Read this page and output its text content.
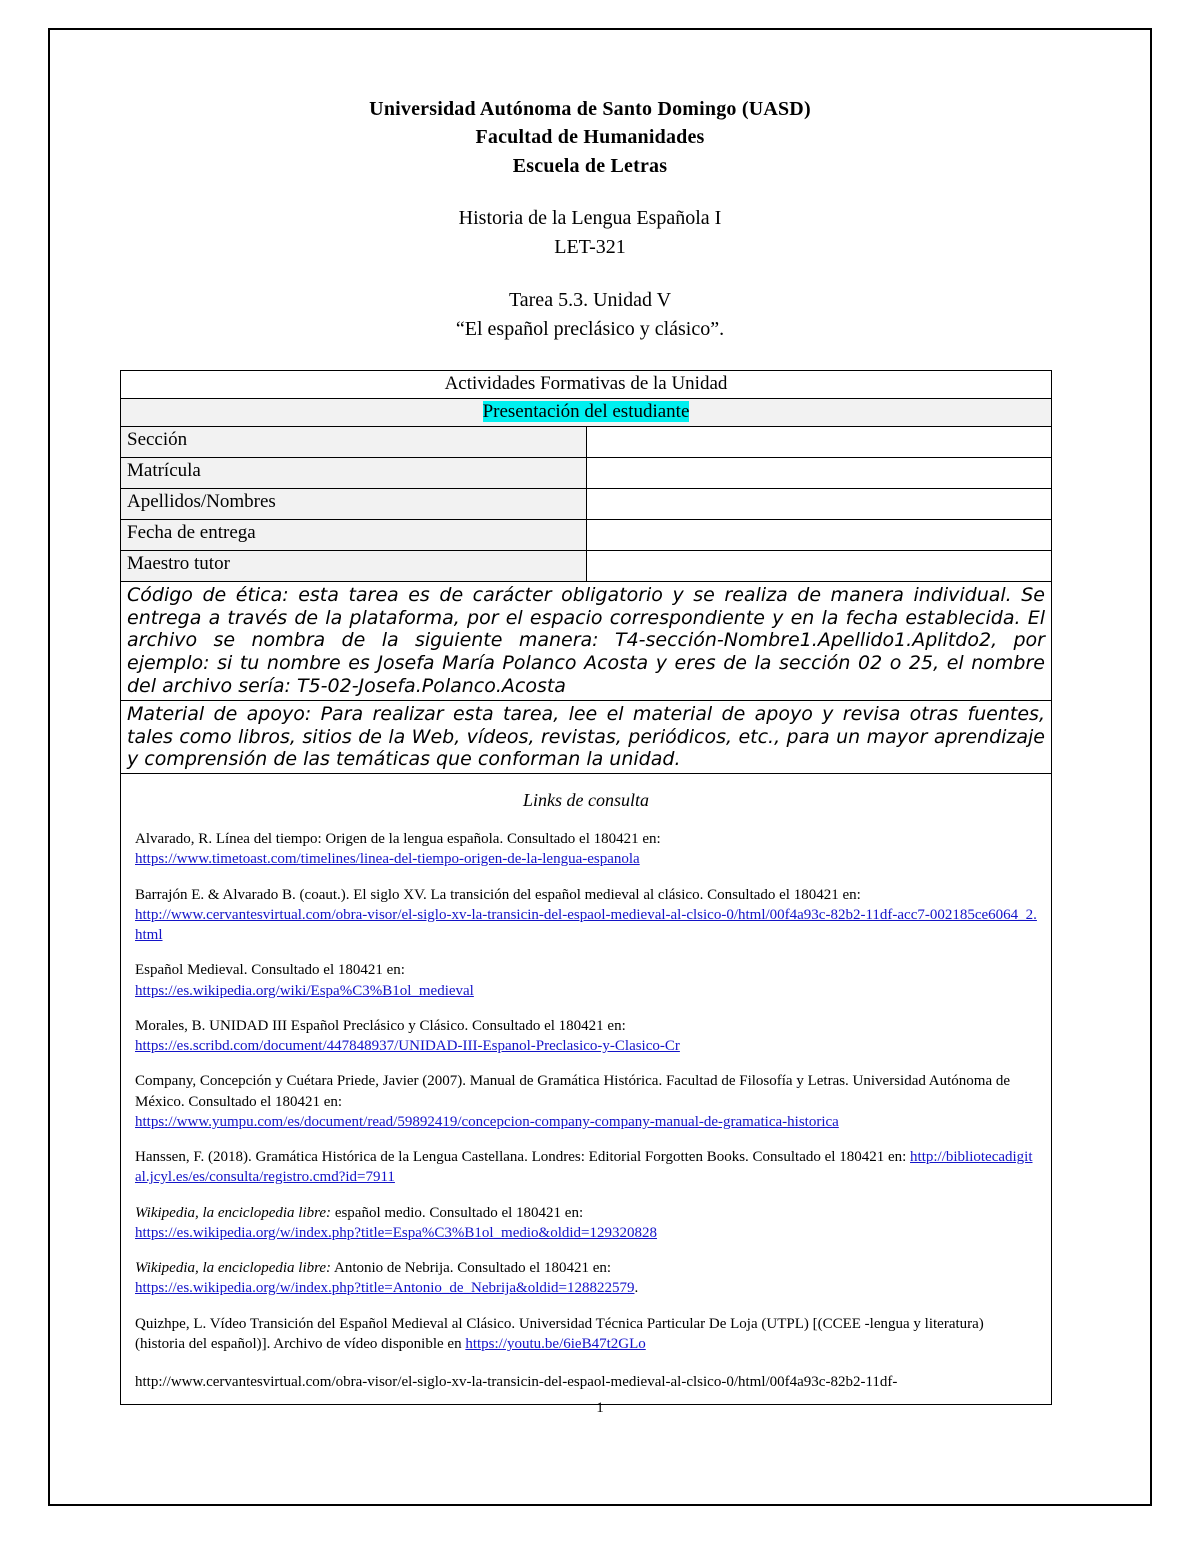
Universidad Autónoma de Santo Domingo (UASD)
Facultad de Humanidades
Escuela de Letras
Historia de la Lengua Española I
LET-321
Tarea 5.3. Unidad V
“El español preclásico y clásico”.
Actividades Formativas de la Unidad	
Presentación del estudiante	
Sección	
Matrícula	
Apellidos/Nombres	
Fecha de entrega	
Maestro tutor	
Código de ética: esta tarea es de carácter obligatorio y se realiza de manera individual. Se entrega a través de la plataforma, por el espacio correspondiente y en la fecha establecida. El archivo se nombra de la siguiente manera: T4-sección-Nombre1.Apellido1.Aplitdo2, por ejemplo: si tu nombre es Josefa María Polanco Acosta y eres de la sección 02 o 25, el nombre del archivo sería: T5-02-Josefa.Polanco.Acosta	
Material de apoyo: Para realizar esta tarea, lee el material de apoyo y revisa otras fuentes, tales como libros, sitios de la Web, vídeos, revistas, periódicos, etc., para un mayor aprendizaje y comprensión de las temáticas que conforman la unidad.	
Links de consulta
Alvarado, R. Línea del tiempo: Origen de la lengua española. Consultado el 180421 en:
https://www.timetoast.com/timelines/linea-del-tiempo-origen-de-la-lengua-espanola
Barrajón E. & Alvarado B. (coaut.). El siglo XV. La transición del español medieval al clásico. Consultado el 180421 en:
http://www.cervantesvirtual.com/obra-visor/el-siglo-xv-la-transicin-del-espaol-medieval-al-clsico-0/html/00f4a93c-82b2-11df-acc7-002185ce6064_2.html
Español Medieval. Consultado el 180421 en:
https://es.wikipedia.org/wiki/Espa%C3%B1ol_medieval
Morales, B. UNIDAD III Español Preclásico y Clásico. Consultado el 180421 en:
https://es.scribd.com/document/447848937/UNIDAD-III-Espanol-Preclasico-y-Clasico-Cr
Company, Concepción y Cuétara Priede, Javier (2007). Manual de Gramática Histórica. Facultad de Filosofía y Letras. Universidad Autónoma de México. Consultado el 180421 en:
https://www.yumpu.com/es/document/read/59892419/concepcion-company-company-manual-de-gramatica-historica
Hanssen, F. (2018). Gramática Histórica de la Lengua Castellana. Londres: Editorial Forgotten Books. Consultado el 180421 en: http://bibliotecadigital.jcyl.es/es/consulta/registro.cmd?id=7911
Wikipedia, la enciclopedia libre: español medio. Consultado el 180421 en:
https://es.wikipedia.org/w/index.php?title=Espa%C3%B1ol_medio&oldid=129320828
Wikipedia, la enciclopedia libre: Antonio de Nebrija. Consultado el 180421 en:
https://es.wikipedia.org/w/index.php?title=Antonio_de_Nebrija&oldid=128822579.
Quizhpe, L. Vídeo Transición del Español Medieval al Clásico. Universidad Técnica Particular De Loja (UTPL) [(CCEE -lengua y literatura) (historia del español)]. Archivo de vídeo disponible en https://youtu.be/6ieB47t2GLo
http://www.cervantesvirtual.com/obra-visor/el-siglo-xv-la-transicin-del-espaol-medieval-al-clsico-0/html/00f4a93c-82b2-11df-
1
